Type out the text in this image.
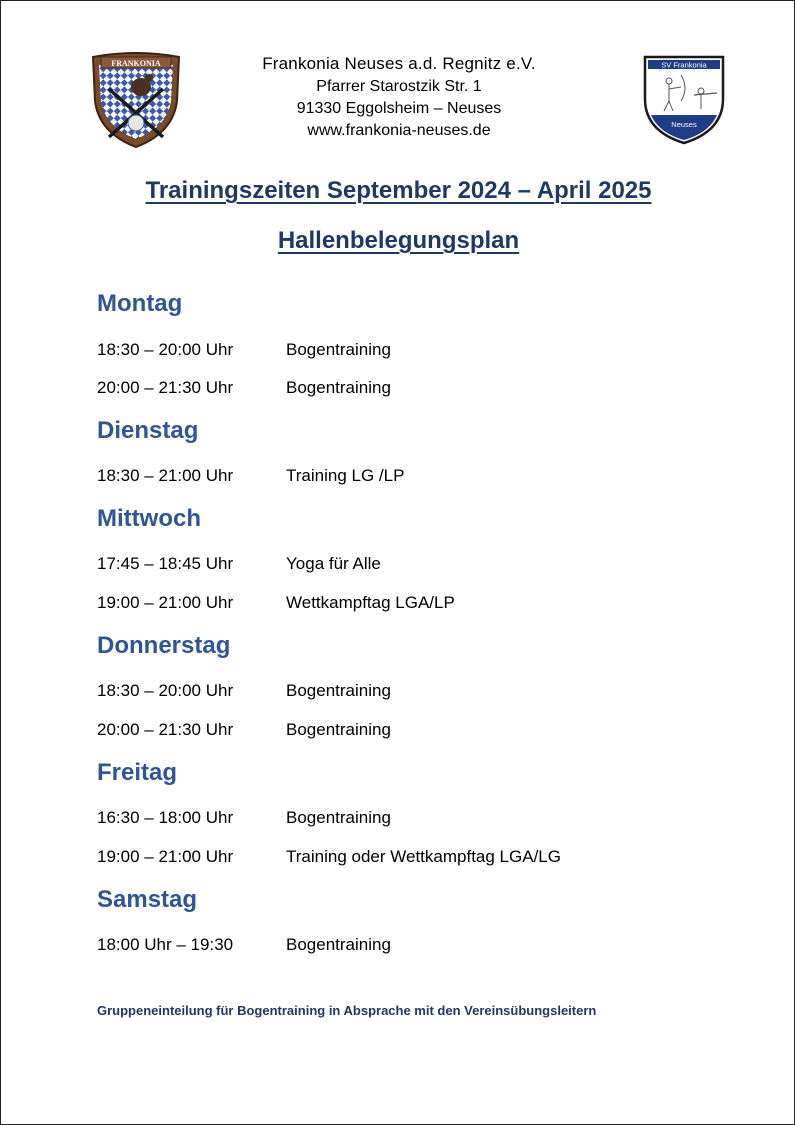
FRANKONIA	Frankonia Neuses a.d. Regnitz e.V.
Pfarrer Starostzik Str. 1
91330 Eggolsheim – Neuses
www.frankonia-neuses.de
SV Frankonia
Neuses
Trainingszeiten September 2024 – April 2025
Hallenbelegungsplan
Montag
18:30 – 20:00 Uhr	Bogentraining
20:00 – 21:30 Uhr	Bogentraining
Dienstag
18:30 – 21:00 Uhr	Training LG /LP
Mittwoch
17:45 – 18:45 Uhr	Yoga für Alle
19:00 – 21:00 Uhr	Wettkampftag LGA/LP
Donnerstag
18:30 – 20:00 Uhr	Bogentraining
20:00 – 21:30 Uhr	Bogentraining
Freitag
16:30 – 18:00 Uhr	Bogentraining
19:00 – 21:00 Uhr	Training oder Wettkampftag LGA/LG
Samstag
18:00 Uhr – 19:30	Bogentraining
Gruppeneinteilung für Bogentraining in Absprache mit den Vereinsübungsleitern
